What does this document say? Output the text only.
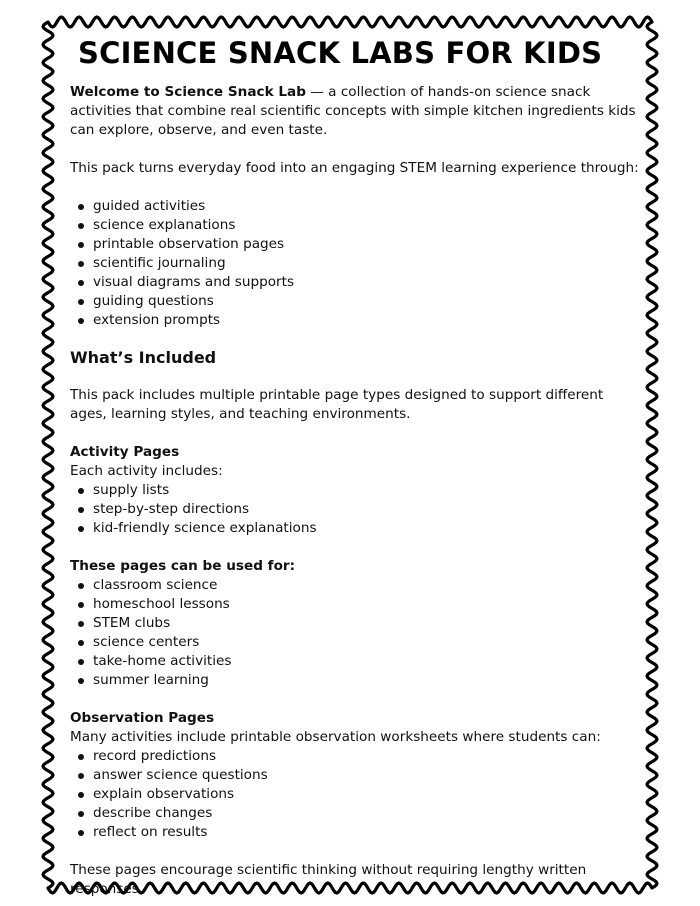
SCIENCE SNACK LABS FOR KIDS

Welcome to Science Snack Lab — a collection of hands-on science snack activities that combine real scientific concepts with simple kitchen ingredients kids can explore, observe, and even taste.

This pack turns everyday food into an engaging STEM learning experience through:

guided activities
science explanations
printable observation pages
scientific journaling
visual diagrams and supports
guiding questions
extension prompts
What’s Included

This pack includes multiple printable page types designed to support different ages, learning styles, and teaching environments.

Activity Pages

Each activity includes:

supply lists
step-by-step directions
kid-friendly science explanations
These pages can be used for:
classroom science
homeschool lessons
STEM clubs
science centers
take-home activities
summer learning
Observation Pages

Many activities include printable observation worksheets where students can:

record predictions
answer science questions
explain observations
describe changes
reflect on results

These pages encourage scientific thinking without requiring lengthy written responses.
